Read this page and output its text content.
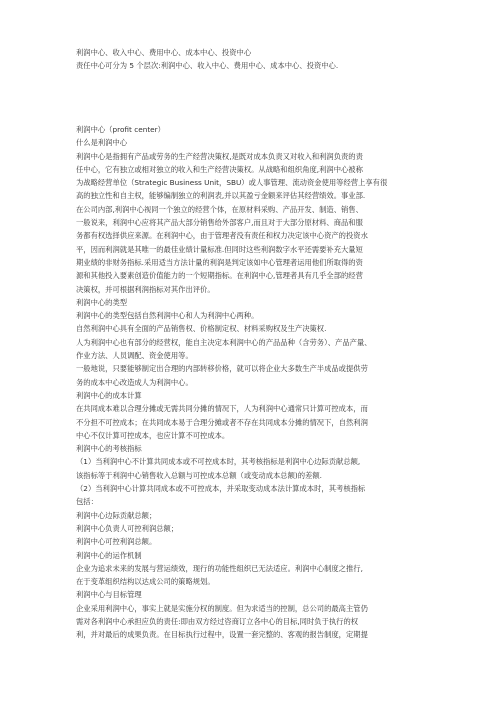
利润中心、收入中心、费用中心、成本中心、投资中心
责任中心可分为 5 个层次:利润中心、收入中心、费用中心、成本中心、投资中心.
利润中心（profit center）
什么是利润中心
利润中心是指拥有产品或劳务的生产经营决策权,是既对成本负责又对收入和利润负责的责
任中心，它有独立或相对独立的收入和生产经营决策权。从战略和组织角度,利润中心被称
为战略经营单位（Strategic Business Unit，SBU）或人事管理、流动资金使用等经营上享有很
高的独立性和自主权，能够编制独立的利润表,并以其盈亏金额来评估其经营绩效。事业部.
在公司内部,利润中心视同一个独立的经营个体，在原材料采购、产品开发、制造、销售、
一般说来，利润中心应将其产品大部分销售给外部客户,而且对于大部分原材料、商品和服
务都有权选择供应来源。在利润中心，由于管理者没有责任和权力决定该中心资产的投资水
平，因而利润就是其唯一的最佳业绩计量标准.但同时这些利润数字水平还需要补充大量短
期业绩的非财务指标.采用适当方法计量的利润是判定该如中心管理者运用他们所取得的资
源和其他投入要素创造价值能力的一个短期指标。在利润中心,管理者具有几乎全部的经营
决策权，并可根据利润指标对其作出评价。
利润中心的类型
利润中心的类型包括自然利润中心和人为利润中心两种。
自然利润中心具有全面的产品销售权、价格制定权、材料采购权及生产决策权.
人为利润中心也有部分的经营权，能自主决定本利润中心的产品品种（含劳务）、产品产量、
作业方法、人员调配、资金使用等。
一般地说，只要能够制定出合理的内部转移价格，就可以将企业大多数生产半成品或提供劳
务的成本中心改造成人为利润中心。
利润中心的成本计算
在共同成本难以合理分摊或无需共同分摊的情况下，人为利润中心通常只计算可控成本，而
不分担不可控成本；在共同成本易于合理分摊或者不存在共同成本分摊的情况下，自然利润
中心不仅计算可控成本，也应计算不可控成本。
利润中心的考核指标
（1）当利润中心不计算共同成本或不可控成本时，其考核指标是利润中心边际贡献总额,
该指标等于利润中心销售收入总额与可控成本总额（或变动成本总额)的差额.
（2）当利润中心计算共同成本或不可控成本，并采取变动成本法计算成本时，其考核指标
包括：
利润中心边际贡献总额；
利润中心负责人可控利润总额；
利润中心可控利润总额。
利润中心的运作机制
企业为追求未来的发展与营运绩效，现行的功能性组织已无法适应。利润中心制度之推行,
在于变革组织结构以达成公司的策略规划。
利润中心与目标管理
企业采用利润中心，事实上就是实施分权的制度。但为求适当的控制，总公司的最高主管仍
需对各利润中心承担应负的责任:即由双方经过咨商订立各中心的目标,同时负于执行的权
利，并对最后的成果负责。在目标执行过程中，设置一套完整的、客观的报告制度，定期提
